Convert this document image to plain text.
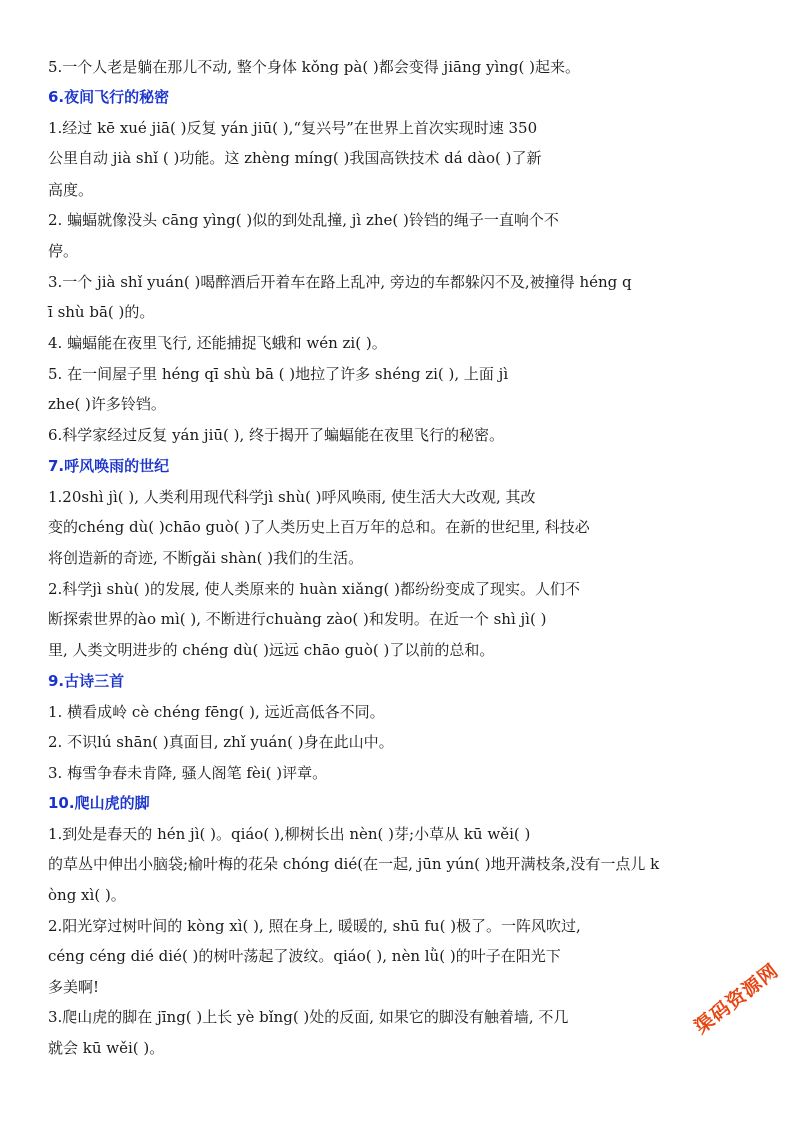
5.一个人老是躺在那儿不动, 整个身体 kǒng pà( )都会变得 jiāng yìng( )起来。
6.夜间飞行的秘密
1.经过 kē xué jiā( )反复 yán jiū( ),“复兴号”在世界上首次实现时速 350
公里自动 jià shǐ ( )功能。这 zhèng míng( )我国高铁技术 dá dào( )了新
高度。
2. 蝙蝠就像没头 cāng yìng( )似的到处乱撞, jì zhe( )铃铛的绳子一直响个不
停。
3.一个 jià shǐ yuán( )喝醉酒后开着车在路上乱冲, 旁边的车都躲闪不及,被撞得 héng q
ī shù bā( )的。
4. 蝙蝠能在夜里飞行, 还能捕捉飞蛾和 wén zi( )。
5. 在一间屋子里 héng qī shù bā ( )地拉了许多 shéng zi( ), 上面 jì
zhe( )许多铃铛。
6.科学家经过反复 yán jiū( ), 终于揭开了蝙蝠能在夜里飞行的秘密。
7.呼风唤雨的世纪
1.20shì jì( ), 人类利用现代科学jì shù( )呼风唤雨, 使生活大大改观, 其改
变的chéng dù( )chāo guò( )了人类历史上百万年的总和。在新的世纪里, 科技必
将创造新的奇迹, 不断gǎi shàn( )我们的生活。
2.科学jì shù( )的发展, 使人类原来的 huàn xiǎng( )都纷纷变成了现实。人们不
断探索世界的ào mì( ), 不断进行chuàng zào( )和发明。在近一个 shì jì( )
里, 人类文明进步的 chéng dù( )远远 chāo guò( )了以前的总和。
9.古诗三首
1. 横看成岭 cè chéng fēng( ), 远近高低各不同。
2. 不识lú shān( )真面目, zhǐ yuán( )身在此山中。
3. 梅雪争春未肯降, 骚人阁笔 fèi( )评章。
10.爬山虎的脚
1.到处是春天的 hén jì( )。qiáo( ),柳树长出 nèn( )芽;小草从 kū wěi( )
的草丛中伸出小脑袋;榆叶梅的花朵 chóng dié(在一起, jūn yún( )地开满枝条,没有一点儿 k
òng xì( )。
2.阳光穿过树叶间的 kòng xì( ), 照在身上, 暖暖的, shū fu( )极了。一阵风吹过,
céng céng dié dié( )的树叶荡起了波纹。qiáo( ), nèn lǜ( )的叶子在阳光下
多美啊!
3.爬山虎的脚在 jīng( )上长 yè bǐng( )处的反面, 如果它的脚没有触着墙, 不几
就会 kū wěi( )。
渠码资源网
